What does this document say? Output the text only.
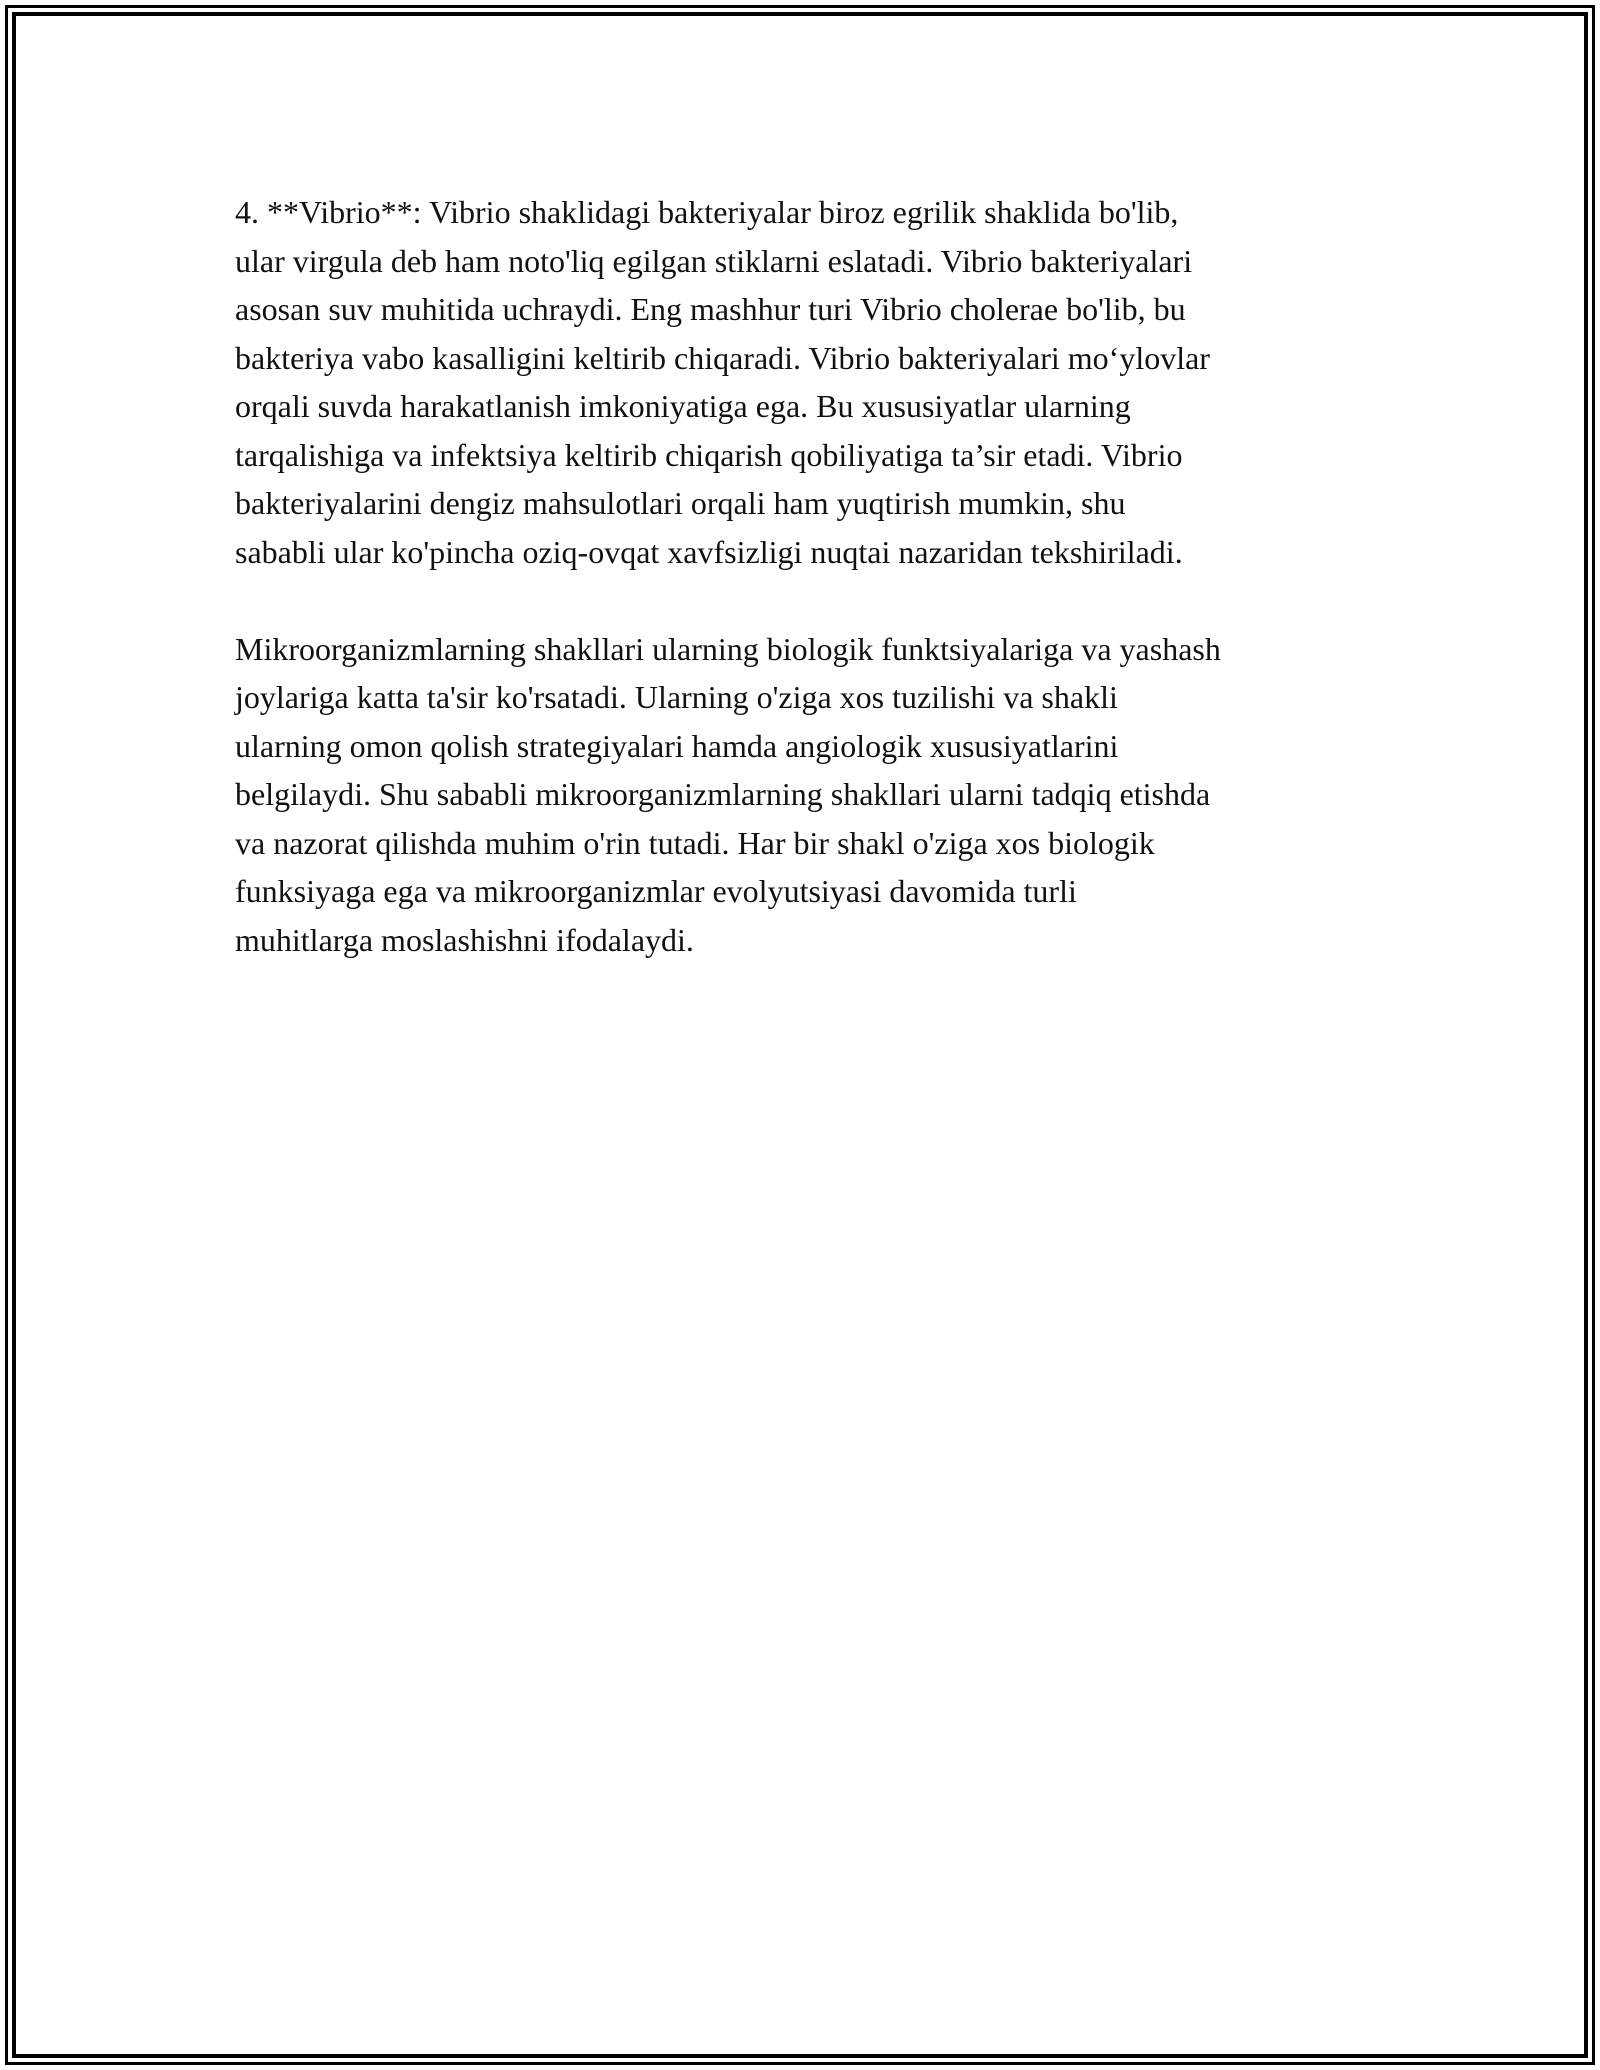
4. **Vibrio**: Vibrio shaklidagi bakteriyalar biroz egrilik shaklida bo'lib,
ular virgula deb ham noto'liq egilgan stiklarni eslatadi. Vibrio bakteriyalari
asosan suv muhitida uchraydi. Eng mashhur turi Vibrio cholerae bo'lib, bu
bakteriya vabo kasalligini keltirib chiqaradi. Vibrio bakteriyalari mo‘ylovlar
orqali suvda harakatlanish imkoniyatiga ega. Bu xususiyatlar ularning
tarqalishiga va infektsiya keltirib chiqarish qobiliyatiga ta’sir etadi. Vibrio
bakteriyalarini dengiz mahsulotlari orqali ham yuqtirish mumkin, shu
sababli ular ko'pincha oziq-ovqat xavfsizligi nuqtai nazaridan tekshiriladi.

Mikroorganizmlarning shakllari ularning biologik funktsiyalariga va yashash
joylariga katta ta'sir ko'rsatadi. Ularning o'ziga xos tuzilishi va shakli
ularning omon qolish strategiyalari hamda angiologik xususiyatlarini
belgilaydi. Shu sababli mikroorganizmlarning shakllari ularni tadqiq etishda
va nazorat qilishda muhim o'rin tutadi. Har bir shakl o'ziga xos biologik
funksiyaga ega va mikroorganizmlar evolyutsiyasi davomida turli
muhitlarga moslashishni ifodalaydi.
